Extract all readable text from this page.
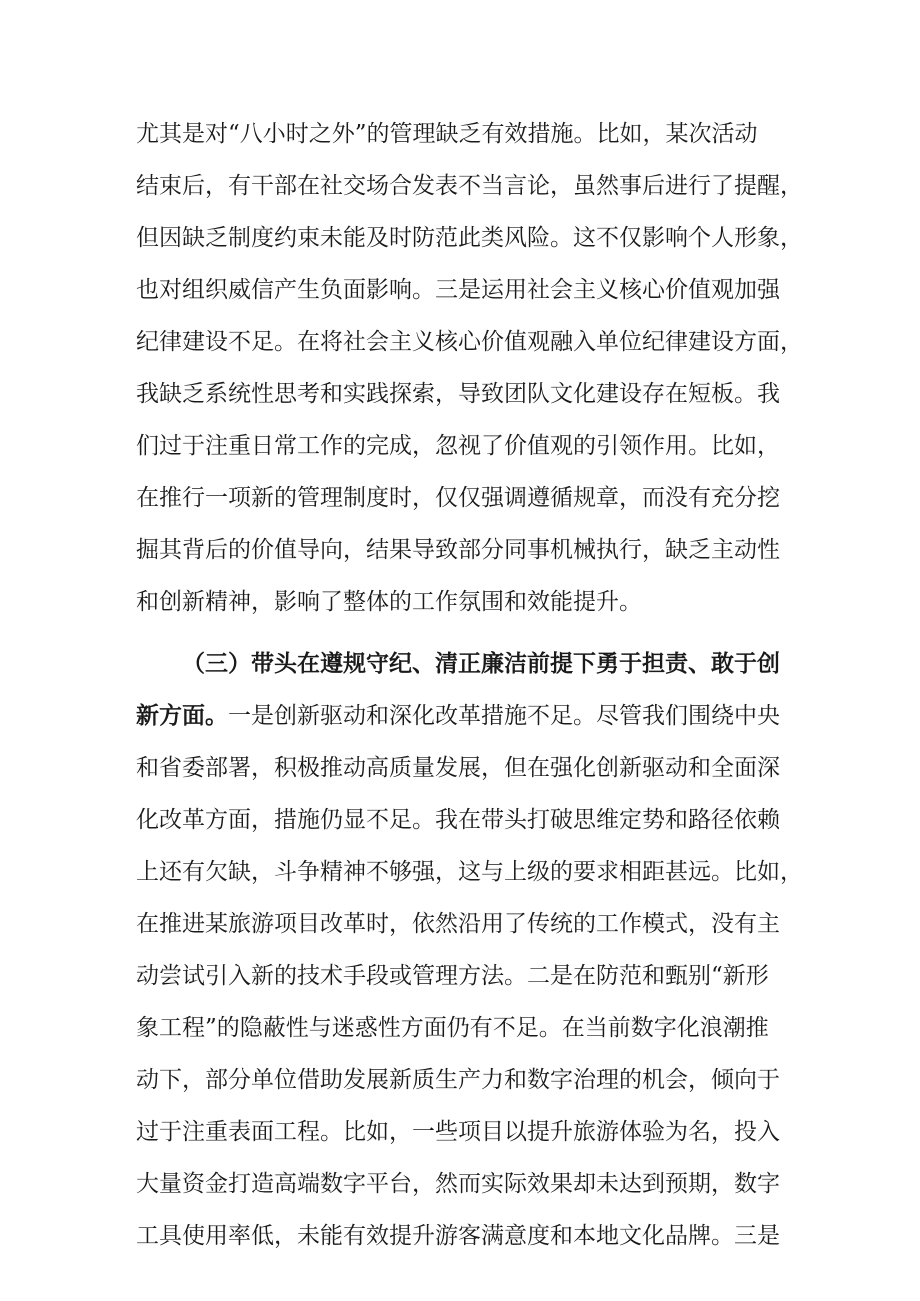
尤其是对“八小时之外”的管理缺乏有效措施。比如，某次活动
结束后，有干部在社交场合发表不当言论，虽然事后进行了提醒，
但因缺乏制度约束未能及时防范此类风险。这不仅影响个人形象，
也对组织威信产生负面影响。三是运用社会主义核心价值观加强
纪律建设不足。在将社会主义核心价值观融入单位纪律建设方面，
我缺乏系统性思考和实践探索，导致团队文化建设存在短板。我
们过于注重日常工作的完成，忽视了价值观的引领作用。比如，
在推行一项新的管理制度时，仅仅强调遵循规章，而没有充分挖
掘其背后的价值导向，结果导致部分同事机械执行，缺乏主动性
和创新精神，影响了整体的工作氛围和效能提升。
（三）带头在遵规守纪、清正廉洁前提下勇于担责、敢于创
新方面。一是创新驱动和深化改革措施不足。尽管我们围绕中央
和省委部署，积极推动高质量发展，但在强化创新驱动和全面深
化改革方面，措施仍显不足。我在带头打破思维定势和路径依赖
上还有欠缺，斗争精神不够强，这与上级的要求相距甚远。比如，
在推进某旅游项目改革时，依然沿用了传统的工作模式，没有主
动尝试引入新的技术手段或管理方法。二是在防范和甄别“新形
象工程”的隐蔽性与迷惑性方面仍有不足。在当前数字化浪潮推
动下，部分单位借助发展新质生产力和数字治理的机会，倾向于
过于注重表面工程。比如，一些项目以提升旅游体验为名，投入
大量资金打造高端数字平台，然而实际效果却未达到预期，数字
工具使用率低，未能有效提升游客满意度和本地文化品牌。三是
